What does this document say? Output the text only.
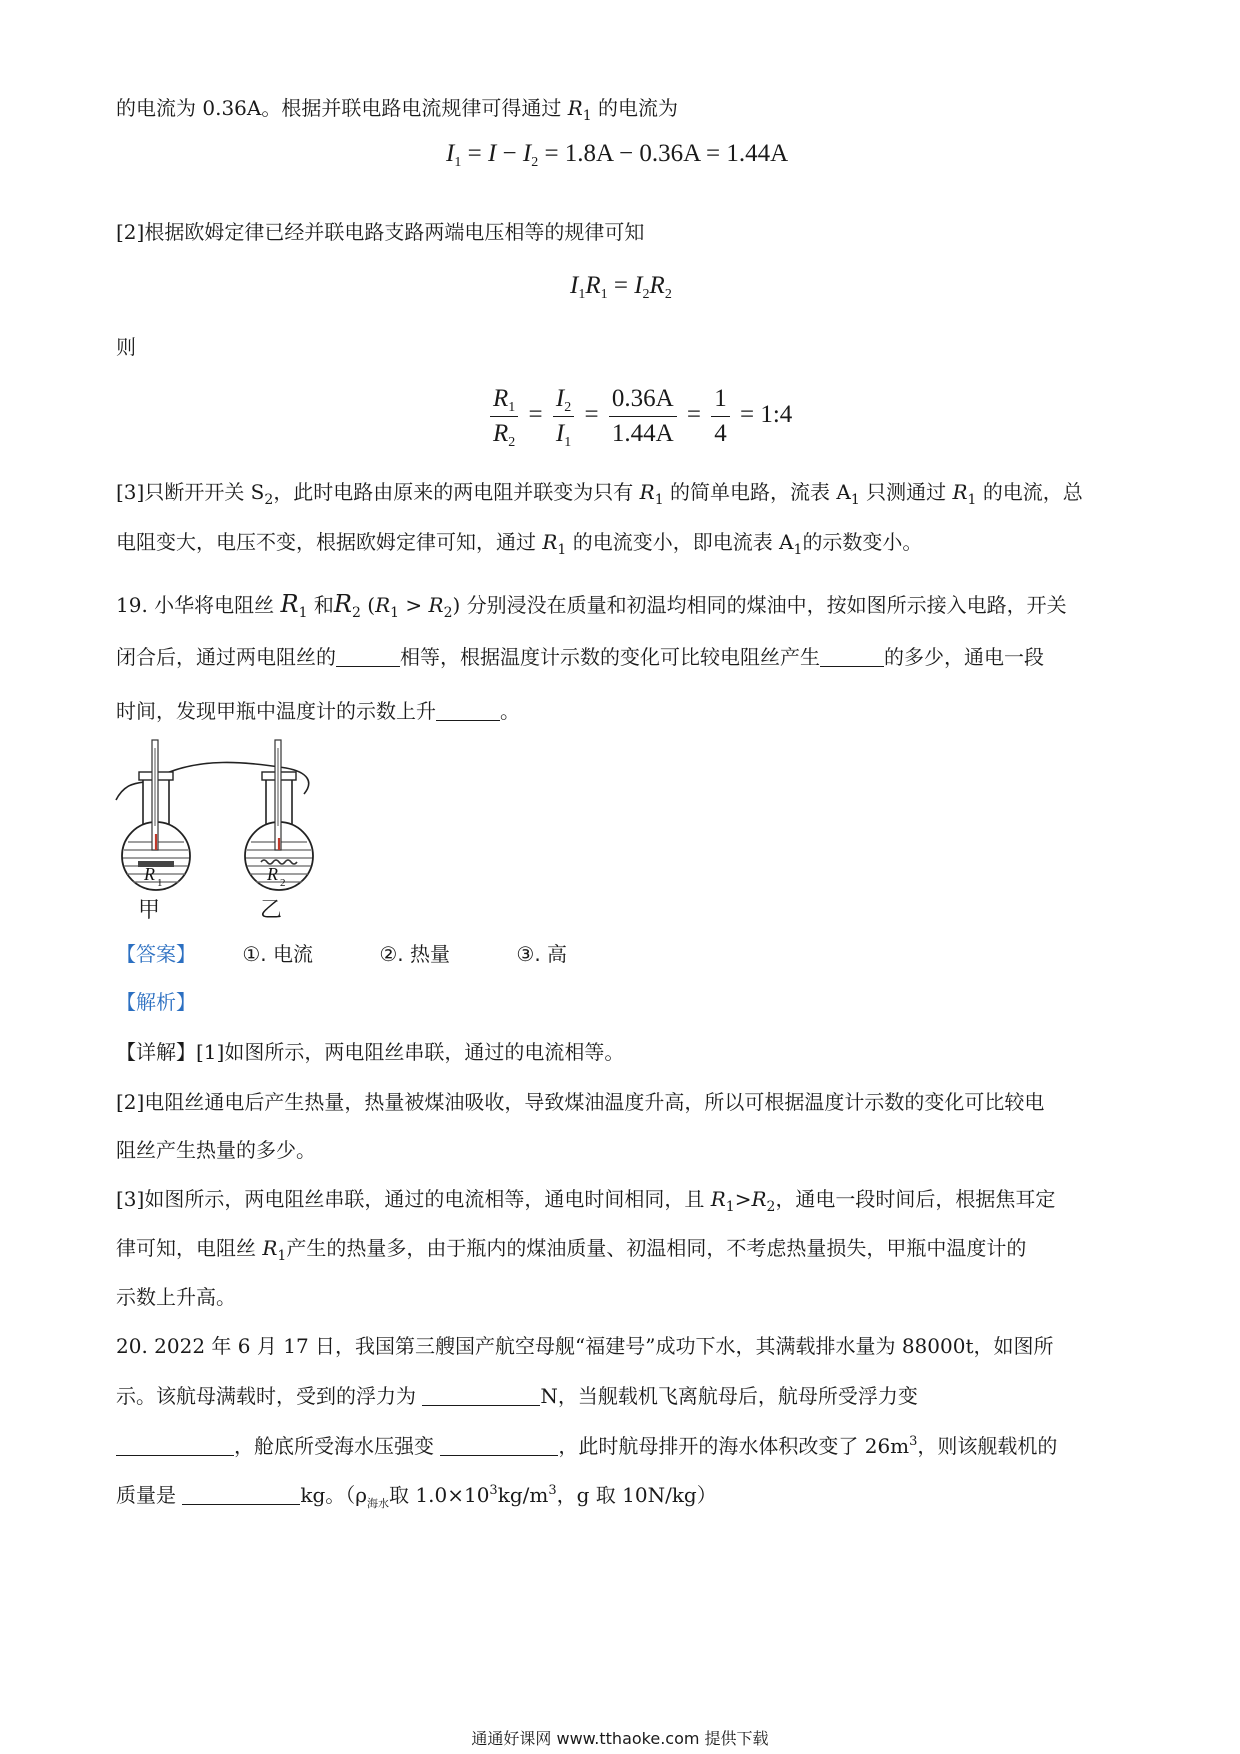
的电流为 0.36A。根据并联电路电流规律可得通过 $R_1$ 的电流为
$I_1 = I - I_2 = 1.8A - 0.36A = 1.44A$
[2]根据欧姆定律已经并联电路支路两端电压相等的规律可知
$I_1R_1 = I_2R_2$
则
$\frac{R_1}{R_2} = \frac{I_2}{I_1} = \frac{0.36A}{1.44A} = \frac{1}{4}$ = 1:4
[3]只断开开关 $S_2$，此时电路由原来的两电阻并联变为只有 $R_1$ 的简单电路，流表 $A_1$ 只测通过 $R_1$ 的电流，总
电阻变大，电压不变，根据欧姆定律可知，通过 $R_1$ 的电流变小，即电流表 $A_1$的示数变小。
19. 小华将电阻丝 $R_1$ 和$R_2$ $(R_1 > R_2)$ 分别浸没在质量和初温均相同的煤油中，按如图所示接入电路，开关
闭合后，通过两电阻丝的	相等，根据温度计示数的变化可比较电阻丝产生	的多少，通电一段
时间，发现甲瓶中温度计的示数上升	。
R 1	R 2
甲	乙
【答案】 ①. 电流	②. 热量	③. 高
【解析】
【详解】[1]如图所示，两电阻丝串联，通过的电流相等。
[2]电阻丝通电后产生热量，热量被煤油吸收，导致煤油温度升高，所以可根据温度计示数的变化可比较电
阻丝产生热量的多少。
[3]如图所示，两电阻丝串联，通过的电流相等，通电时间相同，且 $R_1>R_2$，通电一段时间后，根据焦耳定
律可知，电阻丝 $R_1$产生的热量多，由于瓶内的煤油质量、初温相同，不考虑热量损失，甲瓶中温度计的
示数上升高。
20. 2022 年 6 月 17 日，我国第三艘国产航空母舰“福建号”成功下水，其满载排水量为 88000t，如图所
示。该航母满载时，受到的浮力为	N，当舰载机飞离航母后，航母所受浮力变
，舱底所受海水压强变	，此时航母排开的海水体积改变了 $26m^3$，则该舰载机的
质量是	kg。（$\rho_{海水}$取 $1.0\times 10^3kg/m^3$，g 取 10N/kg）
通通好课网 www.tthaoke.com 提供下载
